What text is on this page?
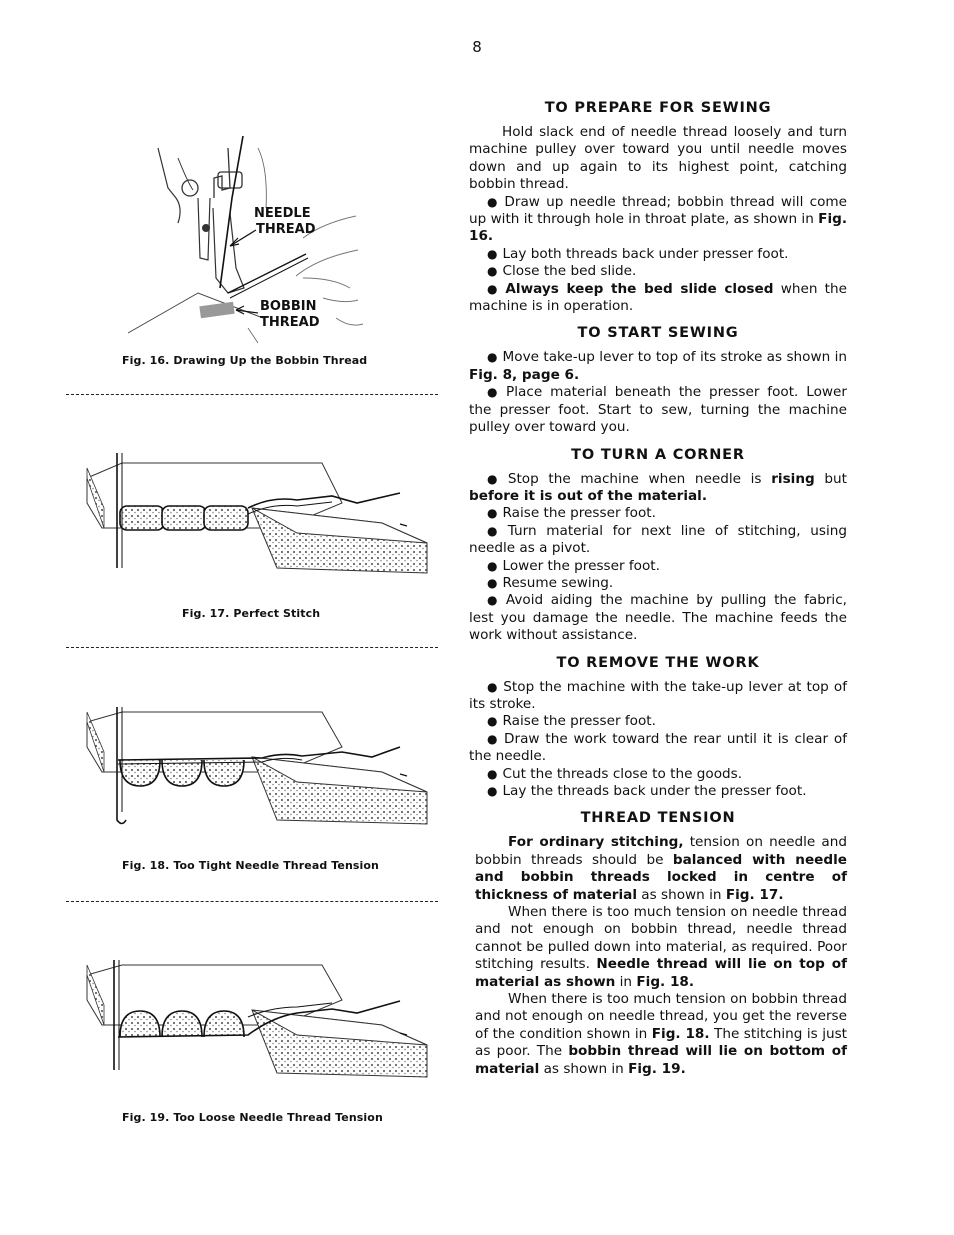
8
NEEDLE
THREAD
BOBBIN
THREAD
Fig. 16. Drawing Up the Bobbin Thread
Fig. 17. Perfect Stitch
Fig. 18. Too Tight Needle Thread Tension
Fig. 19. Too Loose Needle Thread Tension
TO PREPARE FOR SEWING

Hold slack end of needle thread loosely and turn machine pulley over toward you until needle moves down and up again to its highest point, catching bobbin thread.

● Draw up needle thread; bobbin thread will come up with it through hole in throat plate, as shown in Fig. 16.

● Lay both threads back under presser foot.

● Close the bed slide.

● Always keep the bed slide closed when the machine is in operation.

TO START SEWING

● Move take-up lever to top of its stroke as shown in Fig. 8, page 6.

● Place material beneath the presser foot. Lower the presser foot. Start to sew, turning the machine pulley over toward you.

TO TURN A CORNER

● Stop the machine when needle is rising but before it is out of the material.

● Raise the presser foot.

● Turn material for next line of stitching, using needle as a pivot.

● Lower the presser foot.

● Resume sewing.

● Avoid aiding the machine by pulling the fabric, lest you damage the needle. The machine feeds the work without assistance.

TO REMOVE THE WORK

● Stop the machine with the take-up lever at top of its stroke.

● Raise the presser foot.

● Draw the work toward the rear until it is clear of the needle.

● Cut the threads close to the goods.

● Lay the threads back under the presser foot.

THREAD TENSION

For ordinary stitching, tension on needle and bobbin threads should be balanced with needle and bobbin threads locked in centre of thickness of material as shown in Fig. 17.

When there is too much tension on needle thread and not enough on bobbin thread, needle thread cannot be pulled down into material, as required. Poor stitching results. Needle thread will lie on top of material as shown in Fig. 18.

When there is too much tension on bobbin thread and not enough on needle thread, you get the reverse of the condition shown in Fig. 18. The stitching is just as poor. The bobbin thread will lie on bottom of material as shown in Fig. 19.
